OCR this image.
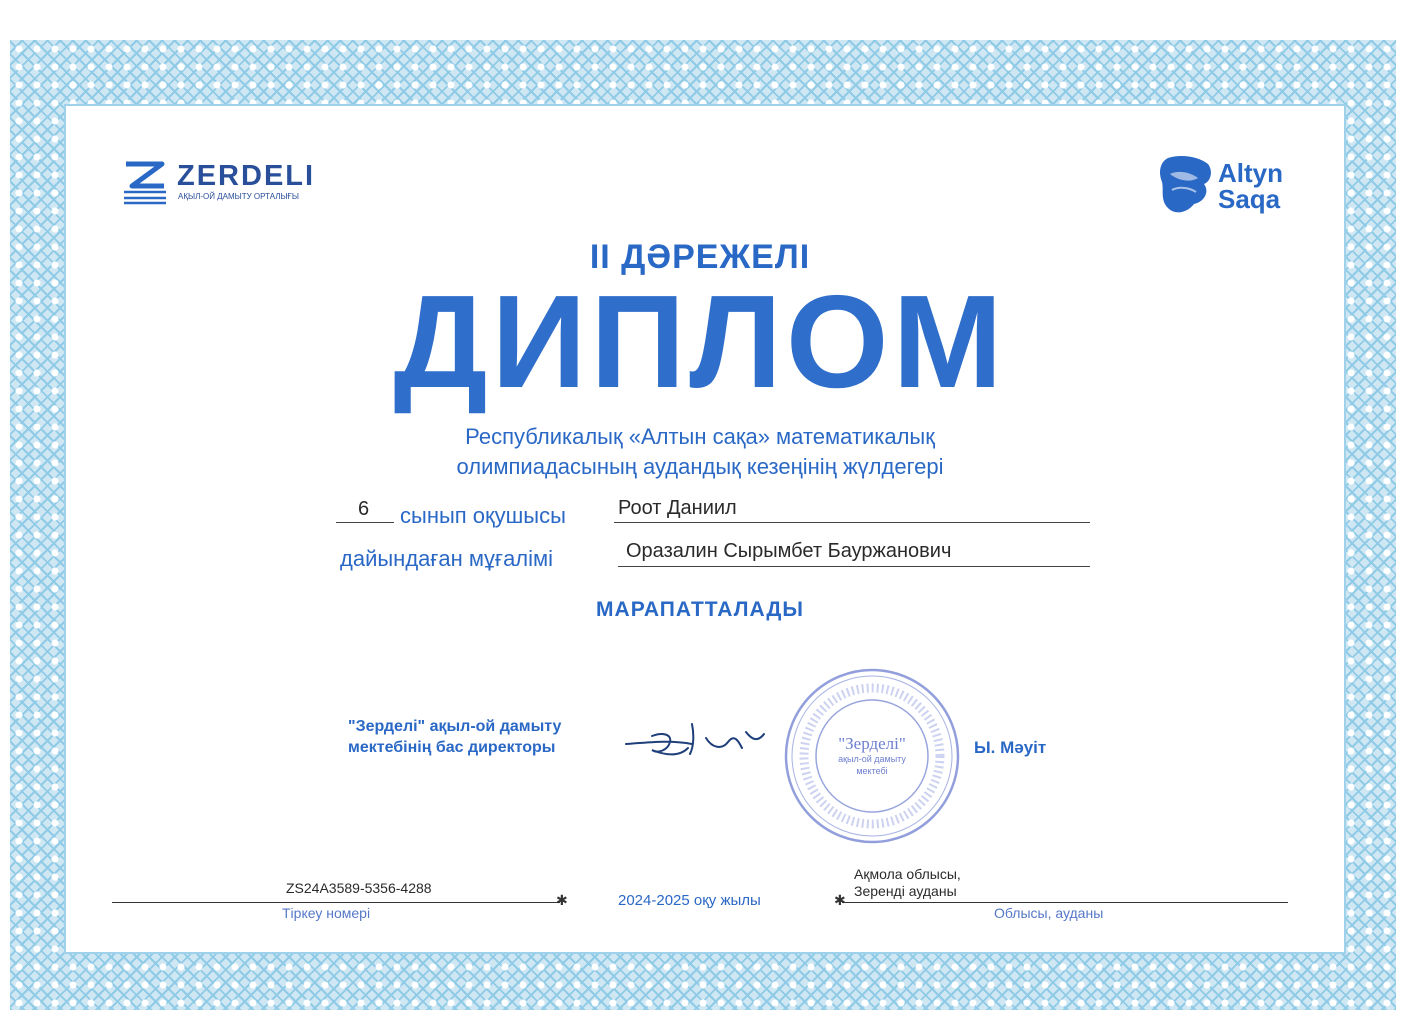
ZERDELI
АҚЫЛ-ОЙ ДАМЫТУ ОРТАЛЫҒЫ
Altyn
Saqa
II ДӘРЕЖЕЛІ
ДИПЛОМ
Республикалық «Алтын сақа» математикалық
олимпиадасының аудандық кезеңінің жүлдегері
6 сынып оқушысы	Роот Даниил
дайындаған мұғалімі	Оразалин Сырымбет Бауржанович
МАРАПАТТАЛАДЫ
"Зерделі" ақыл-ой дамыту
мектебінің бас директоры	"Зерделі"
ақыл-ой дамыту
мектебі
Ы. Мәуіт
ZS24A3589-5356-4288
✱
Тіркеу номері
2024-2025 оқу жылы
Ақмола облысы,
Зеренді ауданы
✱
Облысы, ауданы
